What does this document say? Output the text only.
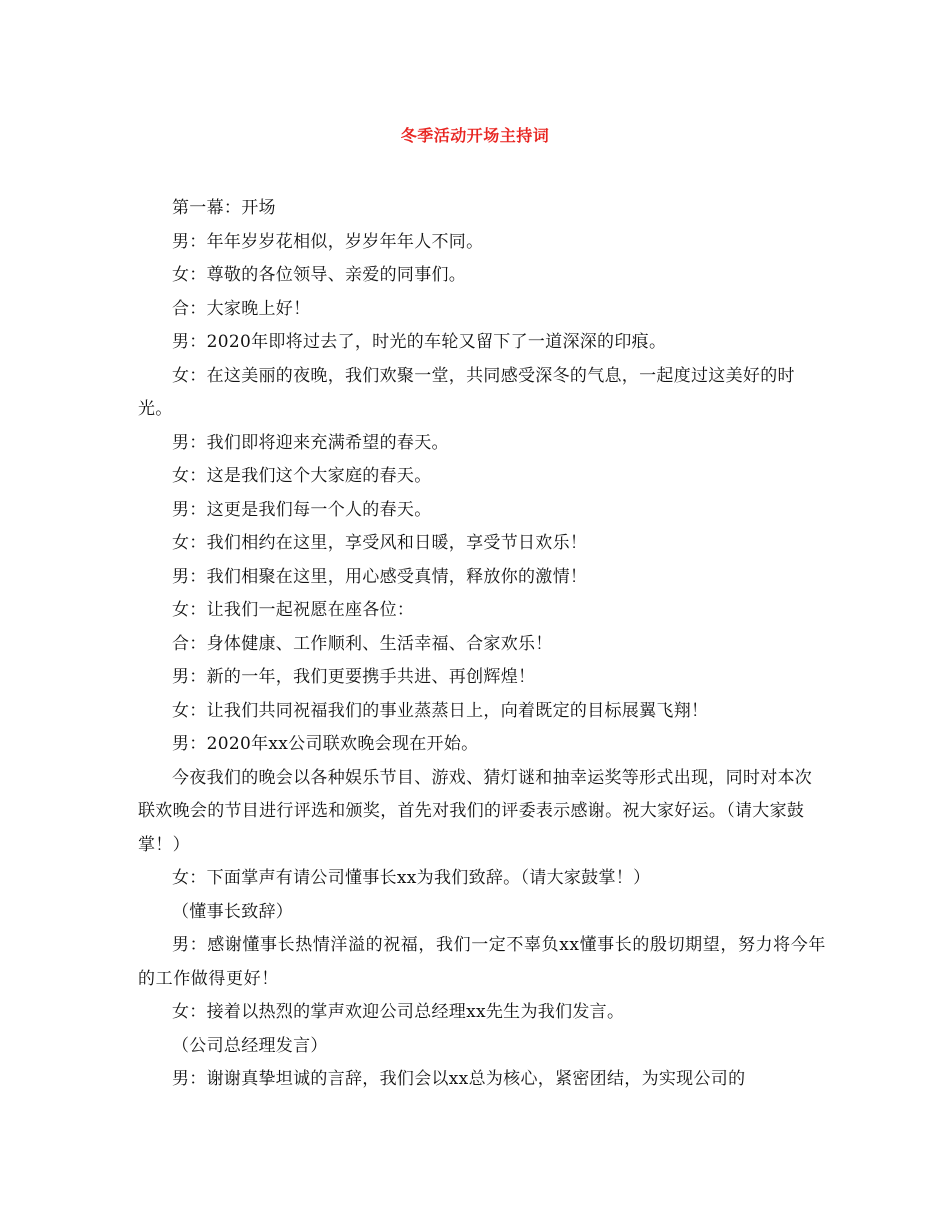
冬季活动开场主持词

第一幕：开场

男：年年岁岁花相似，岁岁年年人不同。

女：尊敬的各位领导、亲爱的同事们。

合：大家晚上好！

男：2020年即将过去了，时光的车轮又留下了一道深深的印痕。

女：在这美丽的夜晚，我们欢聚一堂，共同感受深冬的气息，一起度过这美好的时光。

男：我们即将迎来充满希望的春天。

女：这是我们这个大家庭的春天。

男：这更是我们每一个人的春天。

女：我们相约在这里，享受风和日暖，享受节日欢乐！

男：我们相聚在这里，用心感受真情，释放你的激情！

女：让我们一起祝愿在座各位：

合：身体健康、工作顺利、生活幸福、合家欢乐！

男：新的一年，我们更要携手共进、再创辉煌！

女：让我们共同祝福我们的事业蒸蒸日上，向着既定的目标展翼飞翔！

男：2020年xx公司联欢晚会现在开始。

今夜我们的晚会以各种娱乐节目、游戏、猜灯谜和抽幸运奖等形式出现，同时对本次联欢晚会的节目进行评选和颁奖，首先对我们的评委表示感谢。祝大家好运。（请大家鼓掌！）

女：下面掌声有请公司懂事长xx为我们致辞。（请大家鼓掌！）

（懂事长致辞）

男：感谢懂事长热情洋溢的祝福，我们一定不辜负xx懂事长的殷切期望，努力将今年的工作做得更好！

女：接着以热烈的掌声欢迎公司总经理xx先生为我们发言。

（公司总经理发言）

男：谢谢真挚坦诚的言辞，我们会以xx总为核心，紧密团结，为实现公司的
